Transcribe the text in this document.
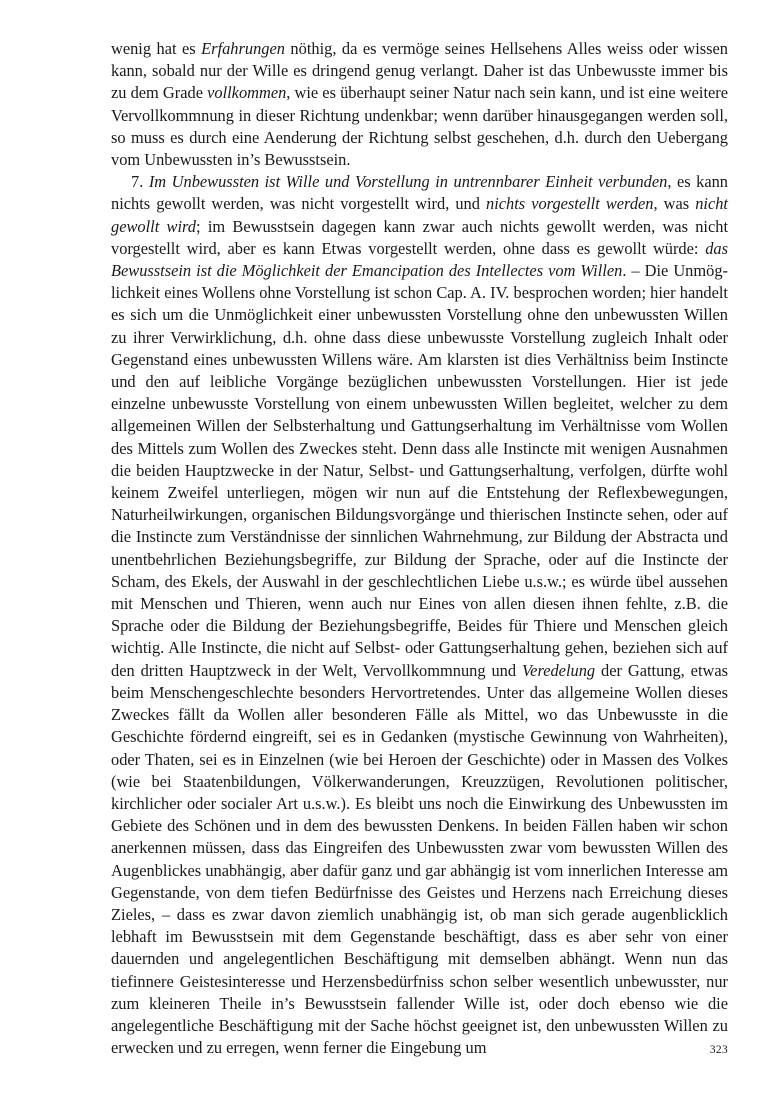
wenig hat es Erfahrungen nöthig, da es vermöge seines Hellsehens Alles weiss oder wissen kann, sobald nur der Wille es dringend genug verlangt. Daher ist das Unbewusste immer bis zu dem Grade vollkommen, wie es überhaupt seiner Natur nach sein kann, und ist eine weitere Vervollkommnung in dieser Richtung undenkbar; wenn darüber hinausgegangen werden soll, so muss es durch eine Aenderung der Richtung selbst geschehen, d.h. durch den Uebergang vom Unbewussten in’s Bewusstsein.

7. Im Unbewussten ist Wille und Vorstellung in untrennbarer Einheit verbunden, es kann nichts gewollt werden, was nicht vorgestellt wird, und nichts vorgestellt werden, was nicht gewollt wird; im Bewusstsein dagegen kann zwar auch nichts gewollt werden, was nicht vorgestellt wird, aber es kann Etwas vorgestellt werden, ohne dass es gewollt würde: das Bewusstsein ist die Möglichkeit der Emancipation des Intellectes vom Willen. – Die Unmöglichkeit eines Wollens ohne Vorstellung ist schon Cap. A. IV. besprochen worden; hier handelt es sich um die Unmöglichkeit einer unbewussten Vorstellung ohne den unbewussten Willen zu ihrer Verwirklichung, d.h. ohne dass diese unbewusste Vorstellung zugleich Inhalt oder Gegenstand eines unbewussten Willens wäre. Am klarsten ist dies Verhältniss beim Instincte und den auf leibliche Vorgänge bezüglichen unbewussten Vorstellungen. Hier ist jede einzelne unbewusste Vorstellung von einem unbewussten Willen begleitet, welcher zu dem allgemeinen Willen der Selbsterhaltung und Gattungserhaltung im Verhältnisse vom Wollen des Mittels zum Wollen des Zweckes steht. Denn dass alle Instincte mit wenigen Ausnahmen die beiden Hauptzwecke in der Natur, Selbst- und Gattungserhaltung, verfolgen, dürfte wohl keinem Zweifel unterliegen, mögen wir nun auf die Entstehung der Reflexbewegungen, Naturheilwirkungen, organischen Bildungsvorgänge und thierischen Instincte sehen, oder auf die Instincte zum Verständnisse der sinnlichen Wahrnehmung, zur Bildung der Abstracta und unentbehrlichen Beziehungsbegriffe, zur Bildung der Sprache, oder auf die Instincte der Scham, des Ekels, der Auswahl in der geschlechtlichen Liebe u.s.w.; es würde übel aussehen mit Menschen und Thieren, wenn auch nur Eines von allen diesen ihnen fehlte, z.B. die Sprache oder die Bildung der Beziehungsbegriffe, Beides für Thiere und Menschen gleich wichtig. Alle Instincte, die nicht auf Selbst- oder Gattungserhaltung gehen, beziehen sich auf den dritten Hauptzweck in der Welt, Vervollkommnung und Veredelung der Gattung, etwas beim Menschengeschlechte besonders Hervortretendes. Unter das allgemeine Wollen dieses Zweckes fällt da Wollen aller besonderen Fälle als Mittel, wo das Unbewusste in die Geschichte fördernd eingreift, sei es in Gedanken (mystische Gewinnung von Wahrheiten), oder Thaten, sei es in Einzelnen (wie bei Heroen der Geschichte) oder in Massen des Volkes (wie bei Staatenbildungen, Völkerwanderungen, Kreuzzügen, Revolutionen politischer, kirchlicher oder socialer Art u.s.w.). Es bleibt uns noch die Einwirkung des Unbewussten im Gebiete des Schönen und in dem des bewussten Denkens. In beiden Fällen haben wir schon anerkennen müssen, dass das Eingreifen des Unbewussten zwar vom bewussten Willen des Augenblickes unabhängig, aber dafür ganz und gar abhängig ist vom innerlichen Interesse am Gegenstande, von dem tiefen Bedürfnisse des Geistes und Herzens nach Erreichung dieses Zieles, – dass es zwar davon ziemlich unabhängig ist, ob man sich gerade augenblicklich lebhaft im Bewusstsein mit dem Gegenstande beschäftigt, dass es aber sehr von einer dauernden und angelegentlichen Beschäftigung mit demselben abhängt. Wenn nun das tiefinnere Geistesinteresse und Herzensbedürfniss schon selber wesentlich unbewusster, nur zum kleineren Theile in’s Bewusstsein fallender Wille ist, oder doch ebenso wie die angelegentliche Beschäftigung mit der Sache höchst geeignet ist, den unbewussten Willen zu erwecken und zu erregen, wenn ferner die Eingebung um	323
